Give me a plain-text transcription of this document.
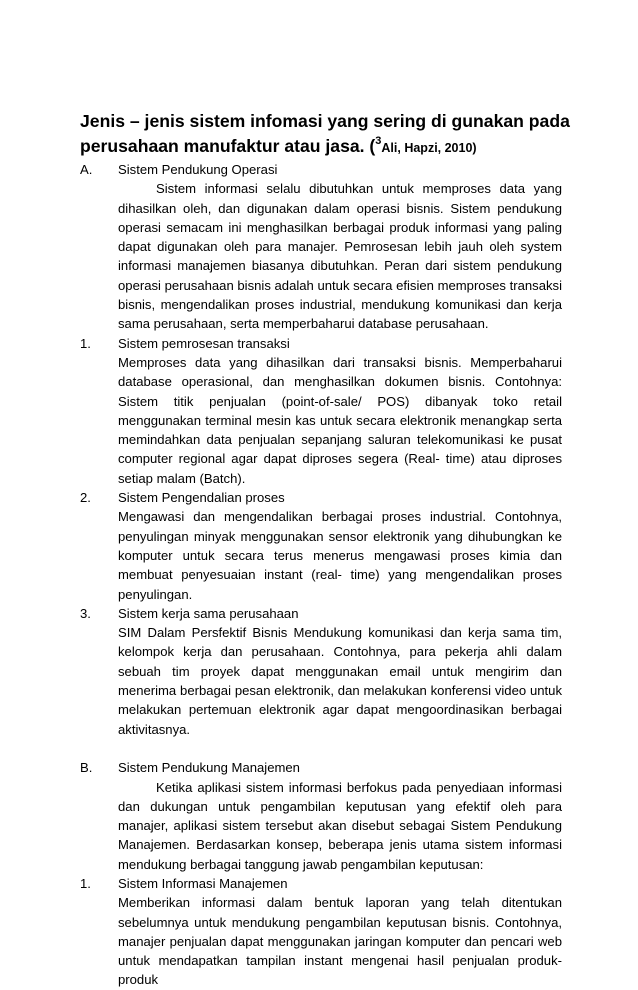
Jenis – jenis sistem infomasi yang sering di gunakan pada
perusahaan manufaktur atau jasa. ($^3$Ali, Hapzi, 2010)
A. Sistem Pendukung Operasi

Sistem informasi selalu dibutuhkan untuk memproses data yang dihasilkan oleh, dan digunakan dalam operasi bisnis. Sistem pendukung operasi semacam ini menghasilkan berbagai produk informasi yang paling dapat digunakan oleh para manajer. Pemrosesan lebih jauh oleh system informasi manajemen biasanya dibutuhkan. Peran dari sistem pendukung operasi perusahaan bisnis adalah untuk secara efisien memproses transaksi bisnis, mengendalikan proses industrial, mendukung komunikasi dan kerja sama perusahaan, serta memperbaharui database perusahaan.

1. Sistem pemrosesan transaksi

Memproses data yang dihasilkan dari transaksi bisnis. Memperbaharui database operasional, dan menghasilkan dokumen bisnis. Contohnya: Sistem titik penjualan (point-of-sale/ POS) dibanyak toko retail menggunakan terminal mesin kas untuk secara elektronik menangkap serta memindahkan data penjualan sepanjang saluran telekomunikasi ke pusat computer regional agar dapat diproses segera (Real- time) atau diproses setiap malam (Batch).

2. Sistem Pengendalian proses

Mengawasi dan mengendalikan berbagai proses industrial. Contohnya, penyulingan minyak menggunakan sensor elektronik yang dihubungkan ke komputer untuk secara terus menerus mengawasi proses kimia dan membuat penyesuaian instant (real- time) yang mengendalikan proses penyulingan.

3. Sistem kerja sama perusahaan

SIM Dalam Persfektif Bisnis Mendukung komunikasi dan kerja sama tim, kelompok kerja dan perusahaan. Contohnya, para pekerja ahli dalam sebuah tim proyek dapat menggunakan email untuk mengirim dan menerima berbagai pesan elektronik, dan melakukan konferensi video untuk melakukan pertemuan elektronik agar dapat mengoordinasikan berbagai aktivitasnya.

B. Sistem Pendukung Manajemen

Ketika aplikasi sistem informasi berfokus pada penyediaan informasi dan dukungan untuk pengambilan keputusan yang efektif oleh para manajer, aplikasi sistem tersebut akan disebut sebagai Sistem Pendukung Manajemen. Berdasarkan konsep, beberapa jenis utama sistem informasi mendukung berbagai tanggung jawab pengambilan keputusan:

1. Sistem Informasi Manajemen

Memberikan informasi dalam bentuk laporan yang telah ditentukan sebelumnya untuk mendukung pengambilan keputusan bisnis. Contohnya, manajer penjualan dapat menggunakan jaringan komputer dan pencari web untuk mendapatkan tampilan instant mengenai hasil penjualan produk-produk
